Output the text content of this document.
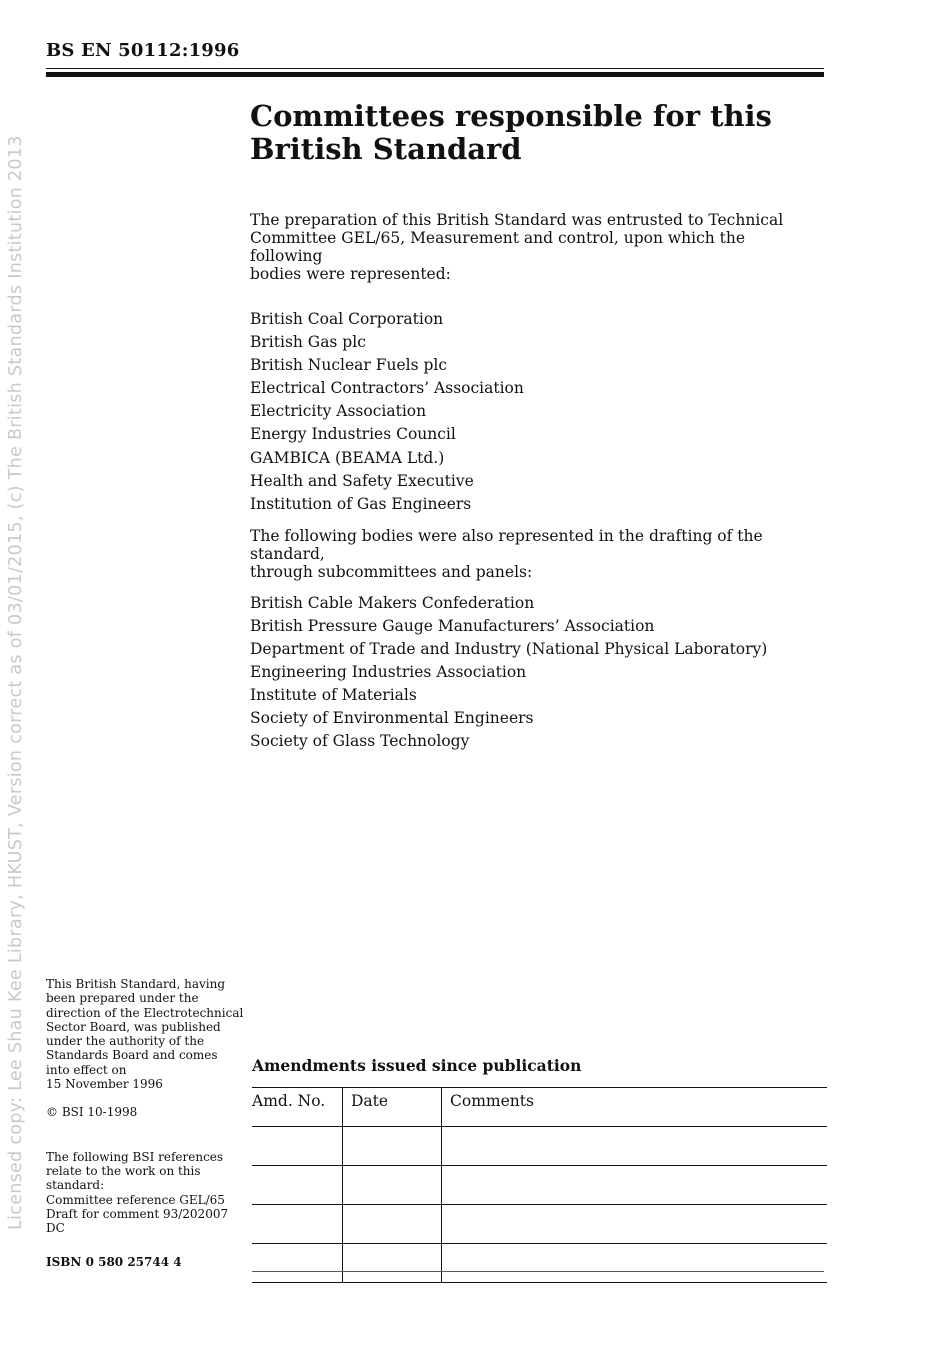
BS EN 50112:1996
Licensed copy: Lee Shau Kee Library, HKUST, Version correct as of 03/01/2015, (c) The British Standards Institution 2013
Committees responsible for this
British Standard
The preparation of this British Standard was entrusted to Technical
Committee GEL/65, Measurement and control, upon which the following
bodies were represented:
British Coal Corporation
British Gas plc
British Nuclear Fuels plc
Electrical Contractors’ Association
Electricity Association
Energy Industries Council
GAMBICA (BEAMA Ltd.)
Health and Safety Executive
Institution of Gas Engineers
The following bodies were also represented in the drafting of the standard,
through subcommittees and panels:
British Cable Makers Confederation
British Pressure Gauge Manufacturers’ Association
Department of Trade and Industry (National Physical Laboratory)
Engineering Industries Association
Institute of Materials
Society of Environmental Engineers
Society of Glass Technology
This British Standard, having
been prepared under the
direction of the Electrotechnical
Sector Board, was published
under the authority of the
Standards Board and comes
into effect on
15 November 1996
© BSI 10-1998
The following BSI references
relate to the work on this
standard:
Committee reference GEL/65
Draft for comment 93/202007 DC
ISBN 0 580 25744 4
Amendments issued since publication
Amd. No.	Date	Comments
